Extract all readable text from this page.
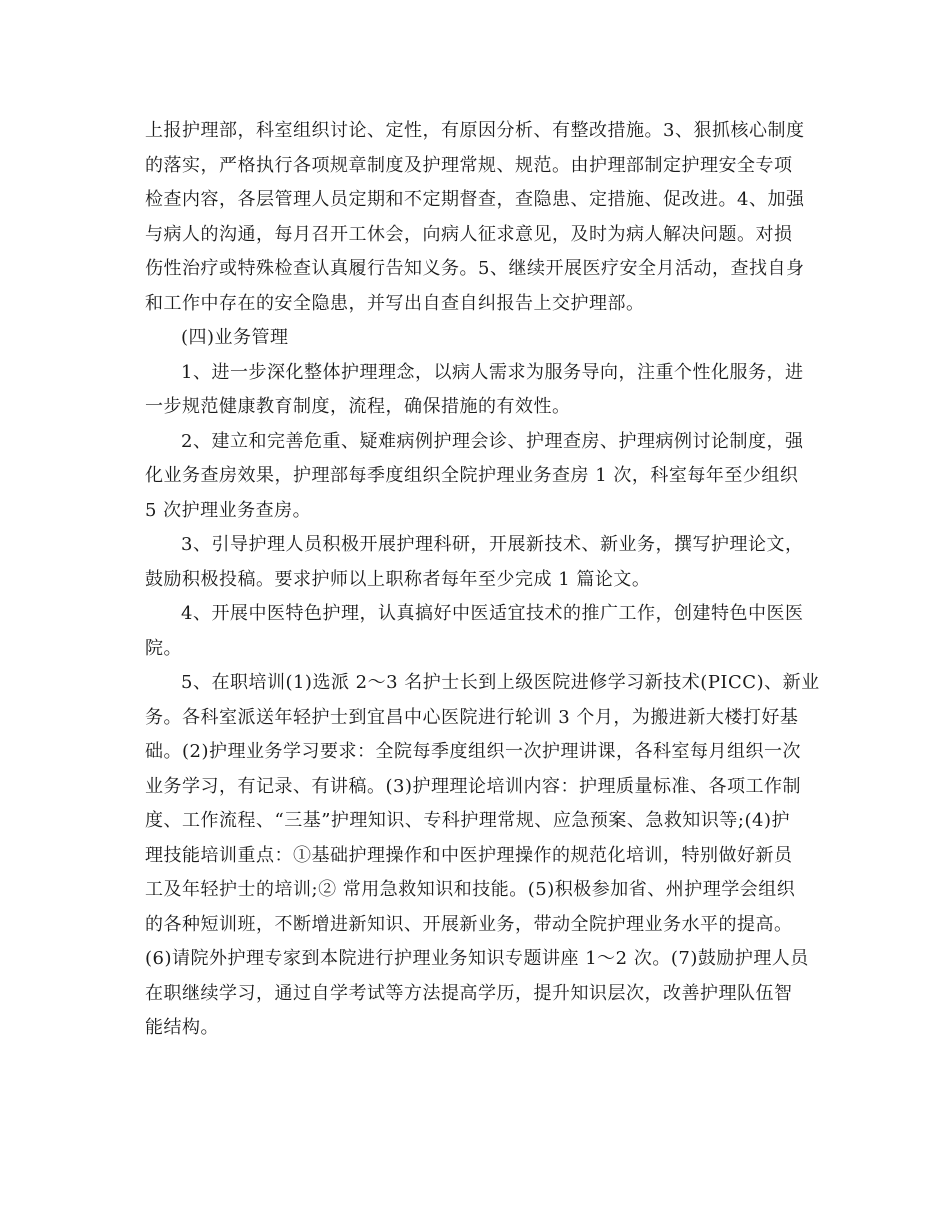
上报护理部，科室组织讨论、定性，有原因分析、有整改措施。3、狠抓核心制度
的落实，严格执行各项规章制度及护理常规、规范。由护理部制定护理安全专项
检查内容，各层管理人员定期和不定期督查，查隐患、定措施、促改进。4、加强
与病人的沟通，每月召开工休会，向病人征求意见，及时为病人解决问题。对损
伤性治疗或特殊检查认真履行告知义务。5、继续开展医疗安全月活动，查找自身
和工作中存在的安全隐患，并写出自查自纠报告上交护理部。
(四)业务管理
1、进一步深化整体护理理念，以病人需求为服务导向，注重个性化服务，进
一步规范健康教育制度，流程，确保措施的有效性。
2、建立和完善危重、疑难病例护理会诊、护理查房、护理病例讨论制度，强
化业务查房效果，护理部每季度组织全院护理业务查房 1 次，科室每年至少组织
5 次护理业务查房。
3、引导护理人员积极开展护理科研，开展新技术、新业务，撰写护理论文，
鼓励积极投稿。要求护师以上职称者每年至少完成 1 篇论文。
4、开展中医特色护理，认真搞好中医适宜技术的推广工作，创建特色中医医
院。
5、在职培训(1)选派 2～3 名护士长到上级医院进修学习新技术(PICC)、新业
务。各科室派送年轻护士到宜昌中心医院进行轮训 3 个月，为搬进新大楼打好基
础。(2)护理业务学习要求：全院每季度组织一次护理讲课，各科室每月组织一次
业务学习，有记录、有讲稿。(3)护理理论培训内容：护理质量标准、各项工作制
度、工作流程、“三基”护理知识、专科护理常规、应急预案、急救知识等;(4)护
理技能培训重点：①基础护理操作和中医护理操作的规范化培训，特别做好新员
工及年轻护士的培训;② 常用急救知识和技能。(5)积极参加省、州护理学会组织
的各种短训班，不断增进新知识、开展新业务，带动全院护理业务水平的提高。
(6)请院外护理专家到本院进行护理业务知识专题讲座 1～2 次。(7)鼓励护理人员
在职继续学习，通过自学考试等方法提高学历，提升知识层次，改善护理队伍智
能结构。
